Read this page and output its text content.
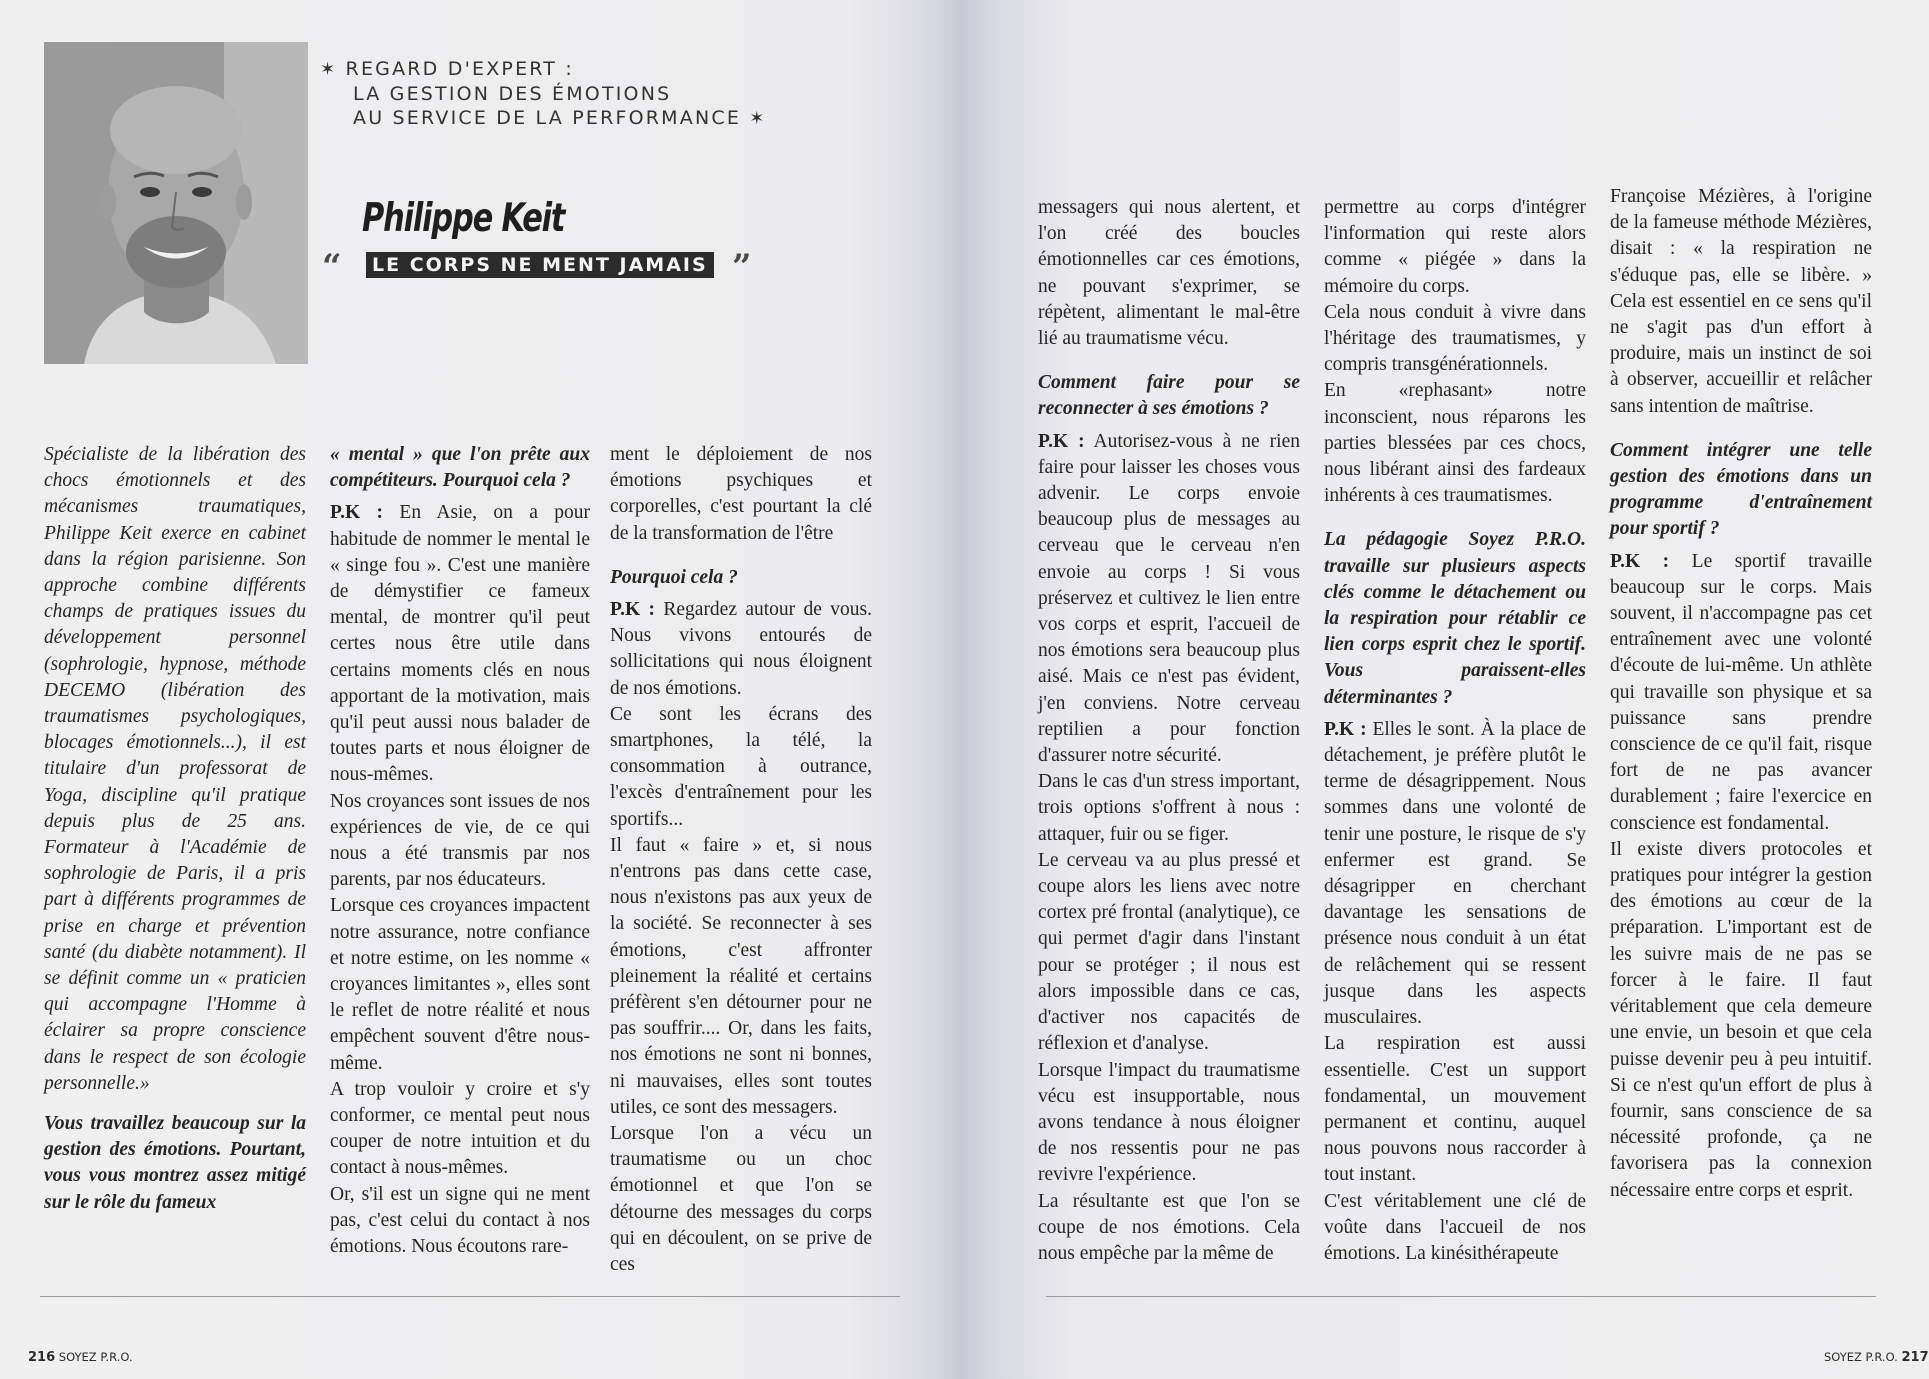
✶ REGARD D'EXPERT :
LA GESTION DES ÉMOTIONS
AU SERVICE DE LA PERFORMANCE ✶
Philippe Keit
“	LE CORPS NE MENT JAMAIS ”

Spécialiste de la libération des chocs émotionnels et des mécanismes traumatiques, Philippe Keit exerce en cabinet dans la région parisienne. Son approche combine différents champs de pratiques issues du développement personnel (sophrologie, hypnose, méthode DECEMO (libération des traumatismes psychologiques, blocages émotionnels...), il est titulaire d'un professorat de Yoga, discipline qu'il pratique depuis plus de 25 ans. Formateur à l'Académie de sophrologie de Paris, il a pris part à différents programmes de prise en charge et prévention santé (du diabète notamment). Il se définit comme un « praticien qui accompagne l'Homme à éclairer sa propre conscience dans le respect de son écologie personnelle.»

Vous travaillez beaucoup sur la gestion des émotions. Pourtant, vous vous montrez assez mitigé sur le rôle du fameux

« mental » que l'on prête aux compétiteurs. Pourquoi cela ?

P.K : En Asie, on a pour habitude de nommer le mental le « singe fou ». C'est une manière de démystifier ce fameux mental, de montrer qu'il peut certes nous être utile dans certains moments clés en nous apportant de la motivation, mais qu'il peut aussi nous balader de toutes parts et nous éloigner de nous-mêmes.

Nos croyances sont issues de nos expériences de vie, de ce qui nous a été transmis par nos parents, par nos éducateurs.

Lorsque ces croyances impactent notre assurance, notre confiance et notre estime, on les nomme « croyances limitantes », elles sont le reflet de notre réalité et nous empêchent souvent d'être nous-même.

A trop vouloir y croire et s'y conformer, ce mental peut nous couper de notre intuition et du contact à nous-mêmes.

Or, s'il est un signe qui ne ment pas, c'est celui du contact à nos émotions. Nous écoutons rare-

ment le déploiement de nos émotions psychiques et corporelles, c'est pourtant la clé de la transformation de l'être

Pourquoi cela ?

P.K : Regardez autour de vous. Nous vivons entourés de sollicitations qui nous éloignent de nos émotions.

Ce sont les écrans des smartphones, la télé, la consommation à outrance, l'excès d'entraînement pour les sportifs...

Il faut « faire » et, si nous n'entrons pas dans cette case, nous n'existons pas aux yeux de la société. Se reconnecter à ses émotions, c'est affronter pleinement la réalité et certains préfèrent s'en détourner pour ne pas souffrir.... Or, dans les faits, nos émotions ne sont ni bonnes, ni mauvaises, elles sont toutes utiles, ce sont des messagers.

Lorsque l'on a vécu un traumatisme ou un choc émotionnel et que l'on se détourne des messages du corps qui en découlent, on se prive de ces

messagers qui nous alertent, et l'on créé des boucles émotionnelles car ces émotions, ne pouvant s'exprimer, se répètent, alimentant le mal-être lié au traumatisme vécu.

Comment faire pour se reconnecter à ses émotions ?

P.K : Autorisez-vous à ne rien faire pour laisser les choses vous advenir. Le corps envoie beaucoup plus de messages au cerveau que le cerveau n'en envoie au corps ! Si vous préservez et cultivez le lien entre vos corps et esprit, l'accueil de nos émotions sera beaucoup plus aisé. Mais ce n'est pas évident, j'en conviens. Notre cerveau reptilien a pour fonction d'assurer notre sécurité.

Dans le cas d'un stress important, trois options s'offrent à nous : attaquer, fuir ou se figer.

Le cerveau va au plus pressé et coupe alors les liens avec notre cortex pré frontal (analytique), ce qui permet d'agir dans l'instant pour se protéger ; il nous est alors impossible dans ce cas, d'activer nos capacités de réflexion et d'analyse.

Lorsque l'impact du traumatisme vécu est insupportable, nous avons tendance à nous éloigner de nos ressentis pour ne pas revivre l'expérience.

La résultante est que l'on se coupe de nos émotions. Cela nous empêche par la même de

permettre au corps d'intégrer l'information qui reste alors comme « piégée » dans la mémoire du corps.

Cela nous conduit à vivre dans l'héritage des traumatismes, y compris transgénérationnels.

En «rephasant» notre inconscient, nous réparons les parties blessées par ces chocs, nous libérant ainsi des fardeaux inhérents à ces traumatismes.

La pédagogie Soyez P.R.O. travaille sur plusieurs aspects clés comme le détachement ou la respiration pour rétablir ce lien corps esprit chez le sportif. Vous paraissent-elles déterminantes ?

P.K : Elles le sont. À la place de détachement, je préfère plutôt le terme de désagrippement. Nous sommes dans une volonté de tenir une posture, le risque de s'y enfermer est grand. Se désagripper en cherchant davantage les sensations de présence nous conduit à un état de relâchement qui se ressent jusque dans les aspects musculaires.

La respiration est aussi essentielle. C'est un support fondamental, un mouvement permanent et continu, auquel nous pouvons nous raccorder à tout instant.

C'est véritablement une clé de voûte dans l'accueil de nos émotions. La kinésithérapeute

Françoise Mézières, à l'origine de la fameuse méthode Mézières, disait : « la respiration ne s'éduque pas, elle se libère. » Cela est essentiel en ce sens qu'il ne s'agit pas d'un effort à produire, mais un instinct de soi à observer, accueillir et relâcher sans intention de maîtrise.

Comment intégrer une telle gestion des émotions dans un programme d'entraînement pour sportif ?

P.K : Le sportif travaille beaucoup sur le corps. Mais souvent, il n'accompagne pas cet entraînement avec une volonté d'écoute de lui-même. Un athlète qui travaille son physique et sa puissance sans prendre conscience de ce qu'il fait, risque fort de ne pas avancer durablement ; faire l'exercice en conscience est fondamental.

Il existe divers protocoles et pratiques pour intégrer la gestion des émotions au cœur de la préparation. L'important est de les suivre mais de ne pas se forcer à le faire. Il faut véritablement que cela demeure une envie, un besoin et que cela puisse devenir peu à peu intuitif. Si ce n'est qu'un effort de plus à fournir, sans conscience de sa nécessité profonde, ça ne favorisera pas la connexion nécessaire entre corps et esprit.

216 SOYEZ P.R.O.	SOYEZ P.R.O. 217
